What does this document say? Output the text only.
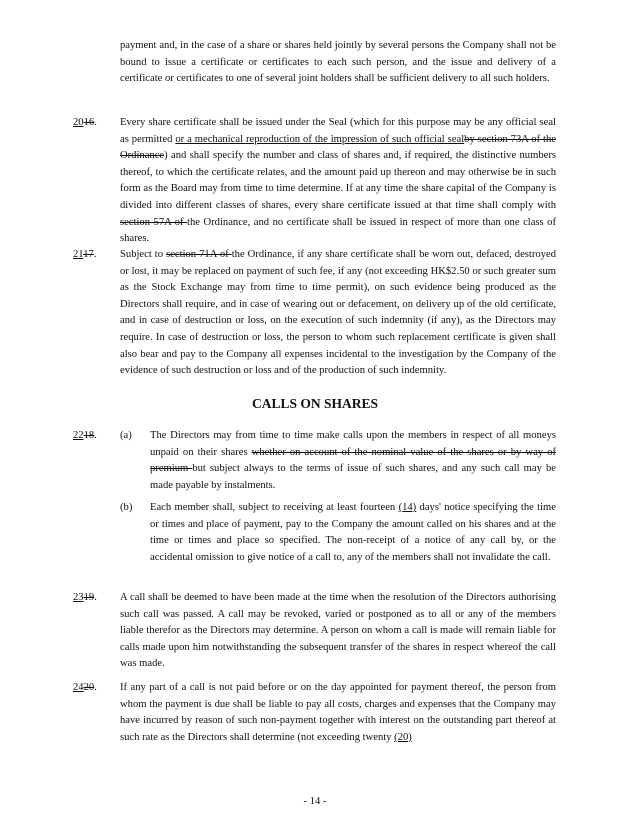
payment and, in the case of a share or shares held jointly by several persons the Company shall not be bound to issue a certificate or certificates to each such person, and the issue and delivery of a certificate or certificates to one of several joint holders shall be sufficient delivery to all such holders.
2016. Every share certificate shall be issued under the Seal (which for this purpose may be any official seal as permitted or a mechanical reproduction of the impression of such official sealby section 73A of the Ordinance) and shall specify the number and class of shares and, if required, the distinctive numbers thereof, to which the certificate relates, and the amount paid up thereon and may otherwise be in such form as the Board may from time to time determine. If at any time the share capital of the Company is divided into different classes of shares, every share certificate issued at that time shall comply with section 57A of the Ordinance, and no certificate shall be issued in respect of more than one class of shares.
2117. Subject to section 71A of the Ordinance, if any share certificate shall be worn out, defaced, destroyed or lost, it may be replaced on payment of such fee, if any (not exceeding HK$2.50 or such greater sum as the Stock Exchange may from time to time permit), on such evidence being produced as the Directors shall require, and in case of wearing out or defacement, on delivery up of the old certificate, and in case of destruction or loss, on the execution of such indemnity (if any), as the Directors may require. In case of destruction or loss, the person to whom such replacement certificate is given shall also bear and pay to the Company all expenses incidental to the investigation by the Company of the evidence of such destruction or loss and of the production of such indemnity.
CALLS ON SHARES
2218. (a) The Directors may from time to time make calls upon the members in respect of all moneys unpaid on their shares whether on account of the nominal value of the shares or by way of premium but subject always to the terms of issue of such shares, and any such call may be made payable by instalments.
(b) Each member shall, subject to receiving at least fourteen (14) days' notice specifying the time or times and place of payment, pay to the Company the amount called on his shares and at the time or times and place so specified. The non-receipt of a notice of any call by, or the accidental omission to give notice of a call to, any of the members shall not invalidate the call.
2319. A call shall be deemed to have been made at the time when the resolution of the Directors authorising such call was passed. A call may be revoked, varied or postponed as to all or any of the members liable therefor as the Directors may determine. A person on whom a call is made will remain liable for calls made upon him notwithstanding the subsequent transfer of the shares in respect whereof the call was made.
2420. If any part of a call is not paid before or on the day appointed for payment thereof, the person from whom the payment is due shall be liable to pay all costs, charges and expenses that the Company may have incurred by reason of such non-payment together with interest on the outstanding part thereof at such rate as the Directors shall determine (not exceeding twenty (20)
- 14 -
